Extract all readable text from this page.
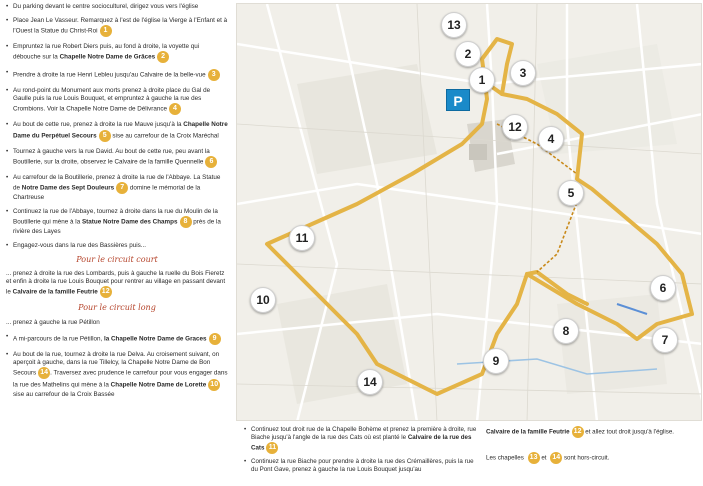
• Du parking devant le centre socioculturel, dirigez vous vers l'église
• Place Jean Le Vasseur. Remarquez à l'est de l'église la Vierge à l'Enfant et à l'Ouest la Statue du Christ-Roi 1
• Empruntez la rue Robert Diers puis, au fond à droite, la voyette qui débouche sur la Chapelle Notre Dame de Grâces 2
• Prendre à droite la rue Henri Lebleu jusqu'au Calvaire de la belle-vue 3
• Au rond-point du Monument aux morts prenez à droite place du Gal de Gaulle puis la rue Louis Bouquet, et empruntez à gauche la rue des Crombions. Voir la Chapelle Notre Dame de Délivrance 4
• Au bout de cette rue, prenez à droite la rue Mauve jusqu'à la Chapelle Notre Dame du Perpétuel Secours 5 sise au carrefour de la Croix Maréchal
• Tournez à gauche vers la rue David. Au bout de cette rue, peu avant la Boutillerie, sur la droite, observez le Calvaire de la famille Quennelle 6
• Au carrefour de la Boutillerie, prenez à droite la rue de l'Abbaye. La Statue de Notre Dame des Sept Douleurs 7 domine le mémorial de la Chartreuse
• Continuez la rue de l'Abbaye, tournez à droite dans la rue du Moulin de la Boutillerie qui mène à la Statue Notre Dame des Champs 8 près de la rivière des Layes
• Engagez-vous dans la rue des Bassières puis...
Pour le circuit court
... prenez à droite la rue des Lombards, puis à gauche la ruelle du Bois Fieretz et enfin à droite la rue Louis Bouquet pour rentrer au village en passant devant le Calvaire de la famille Feutrie 12
Pour le circuit long
... prenez à gauche la rue Pétillon
• A mi-parcours de la rue Pétillon, la Chapelle Notre Dame de Graces 9
• Au bout de la rue, tournez à droite la rue Delva. Au croisement suivant, on aperçoit à gauche, dans la rue Tillelcy, la Chapelle Notre Dame de Bon Secours 14 . Traversez avec prudence le carrefour pour vous engager dans la rue des Mathelins qui mène à la Chapelle Notre Dame de Lorette 10 sise au carrefour de la Croix Bassée
P
1
2
3
4
5
6
7
8
9
10
11
12
13
14
• Continuez tout droit rue de la Chapelle Bohème et prenez la première à droite, rue Biache jusqu'à l'angle de la rue des Cats où est planté le Calvaire de la rue des Cats 11
• Continuez la rue Biache pour prendre à droite la rue des Crémaillères, puis la rue du Pont Gave, prenez à gauche la rue Louis Bouquet jusqu'au
Calvaire de la famille Feutrie 12 et allez tout droit jusqu'à l'église.
Les chapelles 13 et 14 sont hors-circuit.
